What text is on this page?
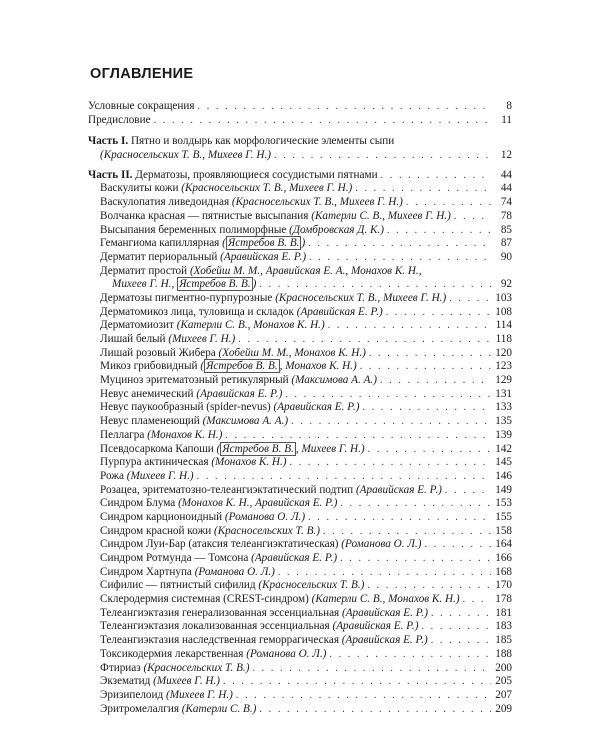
ОГЛАВЛЕНИЕ
Условные сокращения . . .	8
Предисловие . . .	11
Часть I. Пятно и волдырь как морфологические элементы сыпи
(Красносельских Т. В., Михеев Г. Н.) . . .	12
Часть II. Дерматозы, проявляющиеся сосудистыми пятнами . . .	44
Васкулиты кожи (Красносельских Т. В., Михеев Г. Н.) . . .	44
Васкулопатия ливедоидная (Красносельских Т. В., Михеев Г. Н.) . . .	74
Волчанка красная — пятнистые высыпания (Катерли С. В., Михеев Г. Н.) . . .	78
Высыпания беременных полиморфные (Домбровская Д. К.) . . .	85
Гемангиома капиллярная ( Ястребов В. В. ) . . .	87
Дерматит периоральный (Аравийская Е. Р.) . . .	90
Дерматит простой (Хобейш М. М., Аравийская Е. А., Монахов К. Н.,
Михеев Г. Н., Ястребов В. В. ) . . .	92
Дерматозы пигментно-пурпурозные (Красносельских Т. В., Михеев Г. Н.) . . .	103
Дерматомикоз лица, туловища и складок (Аравийская Е. Р.) . . .	108
Дерматомиозит (Катерли С. В., Монахов К. Н.) . . .	114
Лишай белый (Михеев Г. Н.) . . .	118
Лишай розовый Жибера (Хобейш М. М., Монахов К. Н.) . . .	120
Микоз грибовидный ( Ястребов В. В. , Монахов К. Н.) . . .	123
Муциноз эритематозный ретикулярный (Максимова А. А.) . . .	129
Невус анемический (Аравийская Е. Р.) . . .	131
Невус паукообразный (spider-nevus) (Аравийская Е. Р.) . . .	133
Невус пламенеющий (Максимова А. А.) . . .	135
Пеллагра (Монахов К. Н.) . . .	139
Псевдосаркома Капоши ( Ястребов В. В. , Михеев Г. Н.) . . .	142
Пурпура актиническая (Монахов К. Н.) . . .	145
Рожа (Михеев Г. Н.) . . .	146
Розацеа, эритематозно-телеангиэктатический подтип (Аравийская Е. Р.) . . .	149
Синдром Блума (Монахов К. Н., Аравийская Е. Р.) . . .	153
Синдром карционоидный (Романова О. Л.) . . .	155
Синдром красной кожи (Красносельских Т. В.) . . .	158
Синдром Луи-Бар (атаксия телеангиэктатическая) (Романова О. Л.) . . .	164
Синдром Ротмунда — Томсона (Аравийская Е. Р.) . . .	166
Синдром Хартнупа (Романова О. Л.) . . .	168
Сифилис — пятнистый сифилид (Красносельских Т. В.) . . .	170
Склеродермия системная (CREST-синдром) (Катерли С. В., Монахов К. Н.) . . .	178
Телеангиэктазия генерализованная эссенциальная (Аравийская Е. Р.) . . .	181
Телеангиэктазия локализованная эссенциальная (Аравийская Е. Р.) . . .	183
Телеангиэктазия наследственная геморрагическая (Аравийская Е. Р.) . . .	185
Токсикодермия лекарственная (Романова О. Л.) . . .	188
Фтириаз (Красносельских Т. В.) . . .	200
Экзематид (Михеев Г. Н.) . . .	205
Эризипелоид (Михеев Г. Н.) . . .	207
Эритромелалгия (Катерли С. В.) . . .	209
